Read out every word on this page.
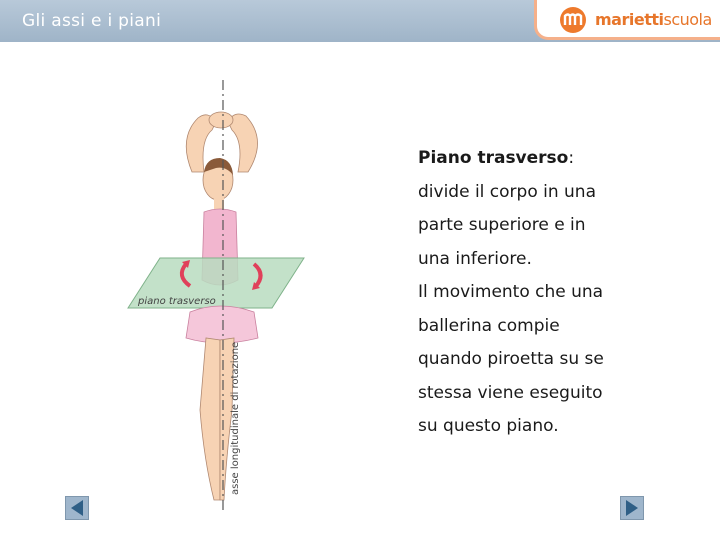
Gli assi e i piani	mariettiscuola
piano trasverso
asse longitudinale di rotazione

Piano trasverso:

divide il corpo in una

parte superiore e in

una inferiore.

Il movimento che una

ballerina compie

quando piroetta su se

stessa viene eseguito

su questo piano.
